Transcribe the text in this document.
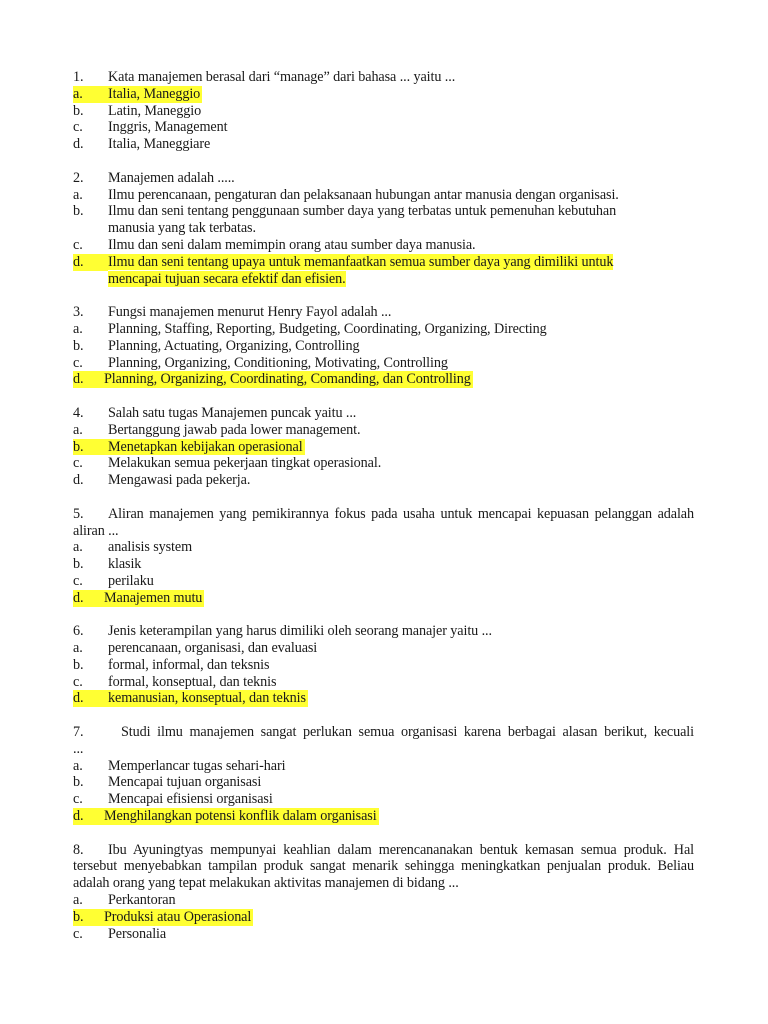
1.	Kata manajemen berasal dari “manage” dari bahasa ... yaitu ...
a.	Italia, Maneggio
b.	Latin, Maneggio
c.	Inggris, Management
d.	Italia, Maneggiare
2.	Manajemen adalah .....
a.	Ilmu perencanaan, pengaturan dan pelaksanaan hubungan antar manusia dengan organisasi.
b.	Ilmu dan seni tentang penggunaan sumber daya yang terbatas untuk pemenuhan kebutuhan manusia yang tak terbatas.
c.	Ilmu dan seni dalam memimpin orang atau sumber daya manusia.
d.	Ilmu dan seni tentang upaya untuk memanfaatkan semua sumber daya yang dimiliki untuk mencapai tujuan secara efektif dan efisien.
3.	Fungsi manajemen menurut Henry Fayol adalah ...
a.	Planning, Staffing, Reporting, Budgeting, Coordinating, Organizing, Directing
b.	Planning, Actuating, Organizing, Controlling
c.	Planning, Organizing, Conditioning, Motivating, Controlling
d.	Planning, Organizing, Coordinating, Comanding, dan Controlling
4.	Salah satu tugas Manajemen puncak yaitu ...
a.	Bertanggung jawab pada lower management.
b.	Menetapkan kebijakan operasional
c.	Melakukan semua pekerjaan tingkat operasional.
d.	Mengawasi pada pekerja.
5. Aliran manajemen yang pemikirannya fokus pada usaha untuk mencapai kepuasan pelanggan adalah aliran ...
a.	analisis system
b.	klasik
c.	perilaku
d.	Manajemen mutu
6.	Jenis keterampilan yang harus dimiliki oleh seorang manajer yaitu ...
a.	perencanaan, organisasi, dan evaluasi
b.	formal, informal, dan teksnis
c.	formal, konseptual, dan teknis
d.	kemanusian, konseptual, dan teknis
7.	Studi ilmu manajemen sangat perlukan semua organisasi karena berbagai alasan berikut, kecuali ...
a.	Memperlancar tugas sehari-hari
b.	Mencapai tujuan organisasi
c.	Mencapai efisiensi organisasi
d.	Menghilangkan potensi konflik dalam organisasi
8. Ibu Ayuningtyas mempunyai keahlian dalam merencananakan bentuk kemasan semua produk. Hal tersebut menyebabkan tampilan produk sangat menarik sehingga meningkatkan penjualan produk. Beliau adalah orang yang tepat melakukan aktivitas manajemen di bidang ...
a.	Perkantoran
b.	Produksi atau Operasional
c.	Personalia
